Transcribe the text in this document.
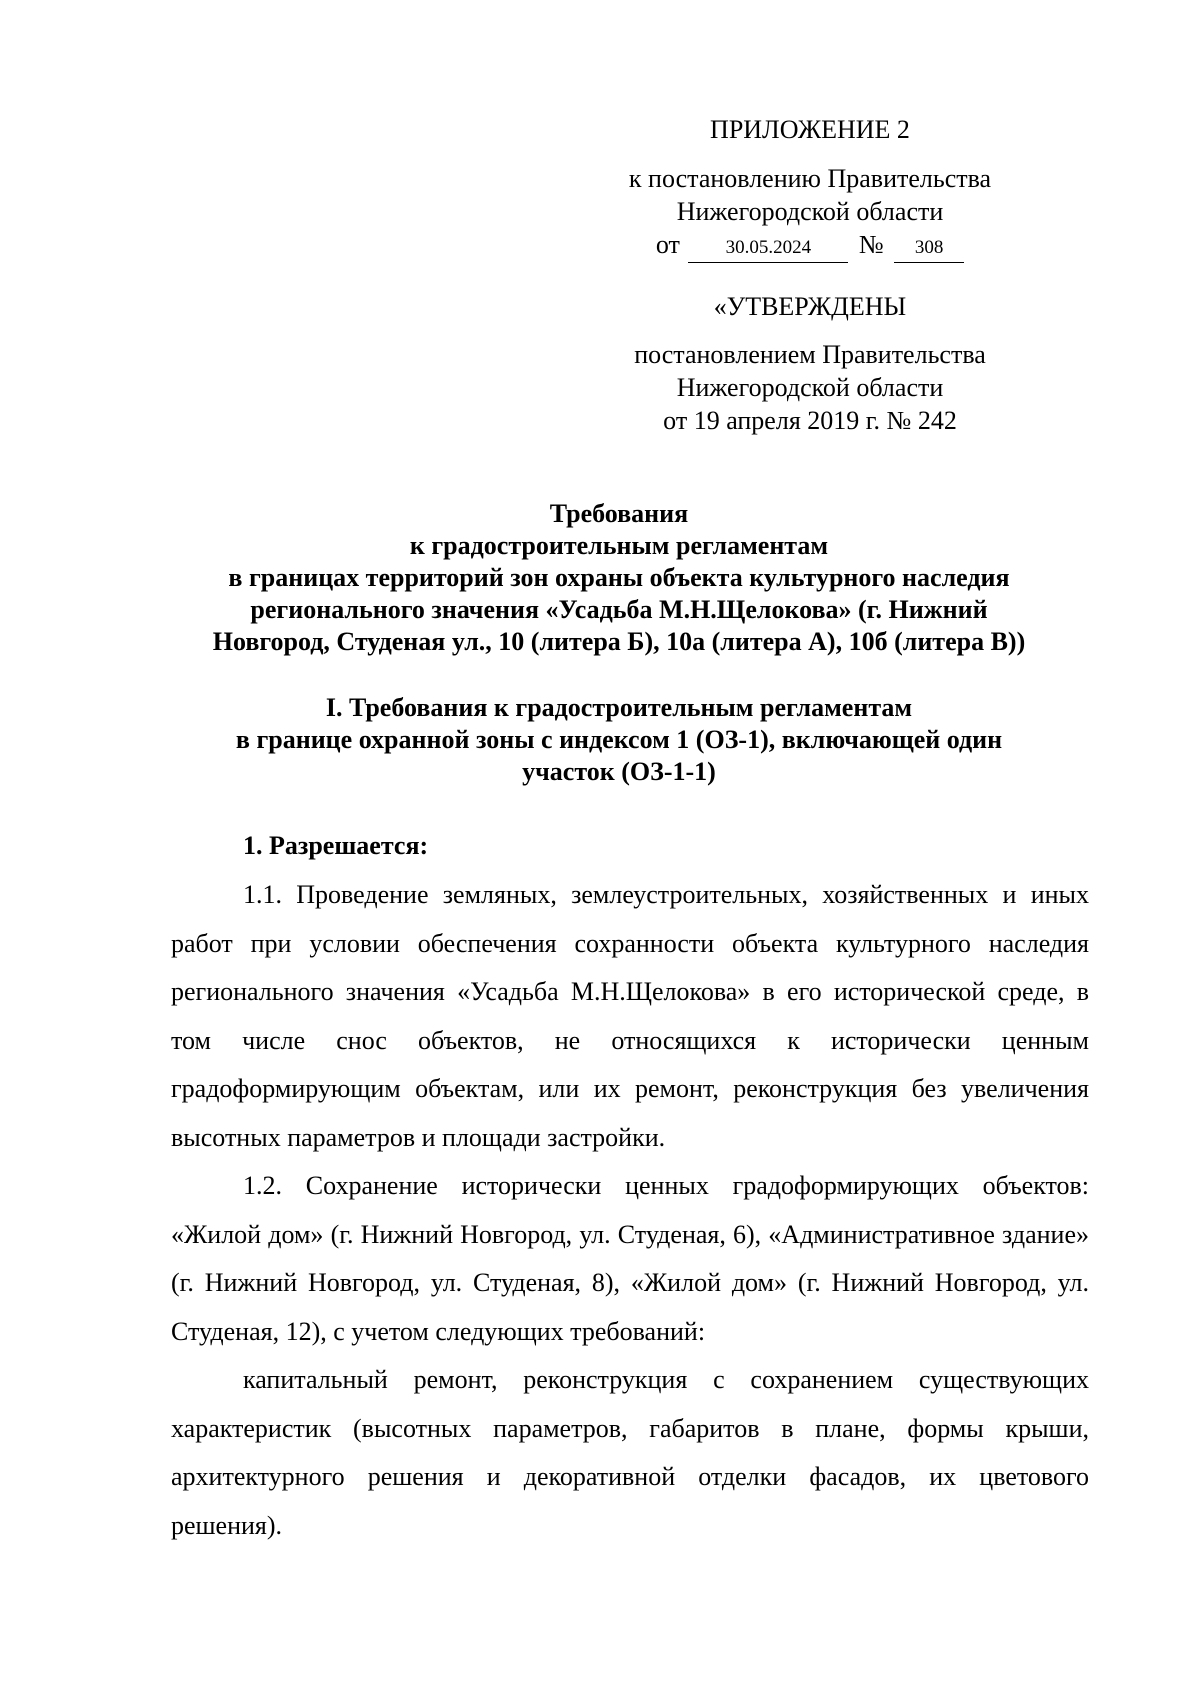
ПРИЛОЖЕНИЕ 2
к постановлению Правительства
Нижегородской области
от 30.05.2024 № 308
«УТВЕРЖДЕНЫ
постановлением Правительства
Нижегородской области
от 19 апреля 2019 г. № 242
Требования
к градостроительным регламентам
в границах территорий зон охраны объекта культурного наследия
регионального значения «Усадьба М.Н.Щелокова» (г. Нижний
Новгород, Студеная ул., 10 (литера Б), 10а (литера А), 10б (литера В))
I. Требования к градостроительным регламентам
в границе охранной зоны с индексом 1 (ОЗ-1), включающей один
участок (ОЗ-1-1)
1. Разрешается:

1.1. Проведение земляных, землеустроительных, хозяйственных и иных работ при условии обеспечения сохранности объекта культурного наследия регионального значения «Усадьба М.Н.Щелокова» в его исторической среде, в том числе снос объектов, не относящихся к исторически ценным градоформирующим объектам, или их ремонт, реконструкция без увеличения высотных параметров и площади застройки.

1.2. Сохранение исторически ценных градоформирующих объектов: «Жилой дом» (г. Нижний Новгород, ул. Студеная, 6), «Административное здание» (г. Нижний Новгород, ул. Студеная, 8), «Жилой дом» (г. Нижний Новгород, ул. Студеная, 12), с учетом следующих требований:

капитальный ремонт, реконструкция с сохранением существующих характеристик (высотных параметров, габаритов в плане, формы крыши, архитектурного решения и декоративной отделки фасадов, их цветового решения).
